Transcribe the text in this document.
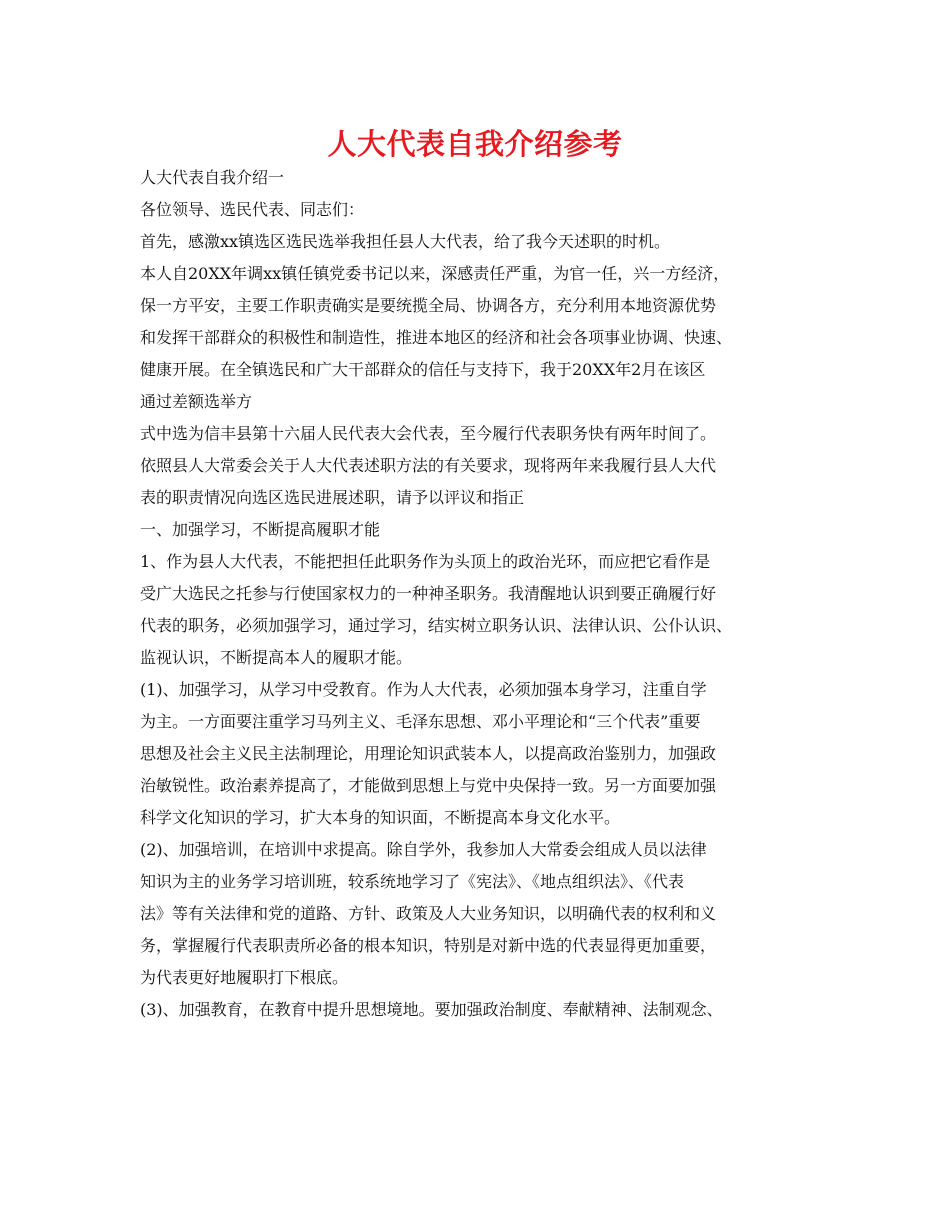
人大代表自我介绍参考

人大代表自我介绍一

各位领导、选民代表、同志们：

首先，感激xx镇选区选民选举我担任县人大代表，给了我今天述职的时机。

本人自20XX年调xx镇任镇党委书记以来，深感责任严重，为官一任，兴一方经济，

保一方平安，主要工作职责确实是要统揽全局、协调各方，充分利用本地资源优势

和发挥干部群众的积极性和制造性，推进本地区的经济和社会各项事业协调、快速、

健康开展。在全镇选民和广大干部群众的信任与支持下，我于20XX年2月在该区

通过差额选举方

式中选为信丰县第十六届人民代表大会代表，至今履行代表职务快有两年时间了。

依照县人大常委会关于人大代表述职方法的有关要求，现将两年来我履行县人大代

表的职责情况向选区选民进展述职，请予以评议和指正

一、加强学习，不断提高履职才能

1、作为县人大代表，不能把担任此职务作为头顶上的政治光环，而应把它看作是

受广大选民之托参与行使国家权力的一种神圣职务。我清醒地认识到要正确履行好

代表的职务，必须加强学习，通过学习，结实树立职务认识、法律认识、公仆认识、

监视认识，不断提高本人的履职才能。

(1)、加强学习，从学习中受教育。作为人大代表，必须加强本身学习，注重自学

为主。一方面要注重学习马列主义、毛泽东思想、邓小平理论和“三个代表”重要

思想及社会主义民主法制理论，用理论知识武装本人，以提高政治鉴别力，加强政

治敏锐性。政治素养提高了，才能做到思想上与党中央保持一致。另一方面要加强

科学文化知识的学习，扩大本身的知识面，不断提高本身文化水平。

(2)、加强培训，在培训中求提高。除自学外，我参加人大常委会组成人员以法律

知识为主的业务学习培训班，较系统地学习了《宪法》、《地点组织法》、《代表

法》等有关法律和党的道路、方针、政策及人大业务知识，以明确代表的权利和义

务，掌握履行代表职责所必备的根本知识，特别是对新中选的代表显得更加重要，

为代表更好地履职打下根底。

(3)、加强教育，在教育中提升思想境地。要加强政治制度、奉献精神、法制观念、
